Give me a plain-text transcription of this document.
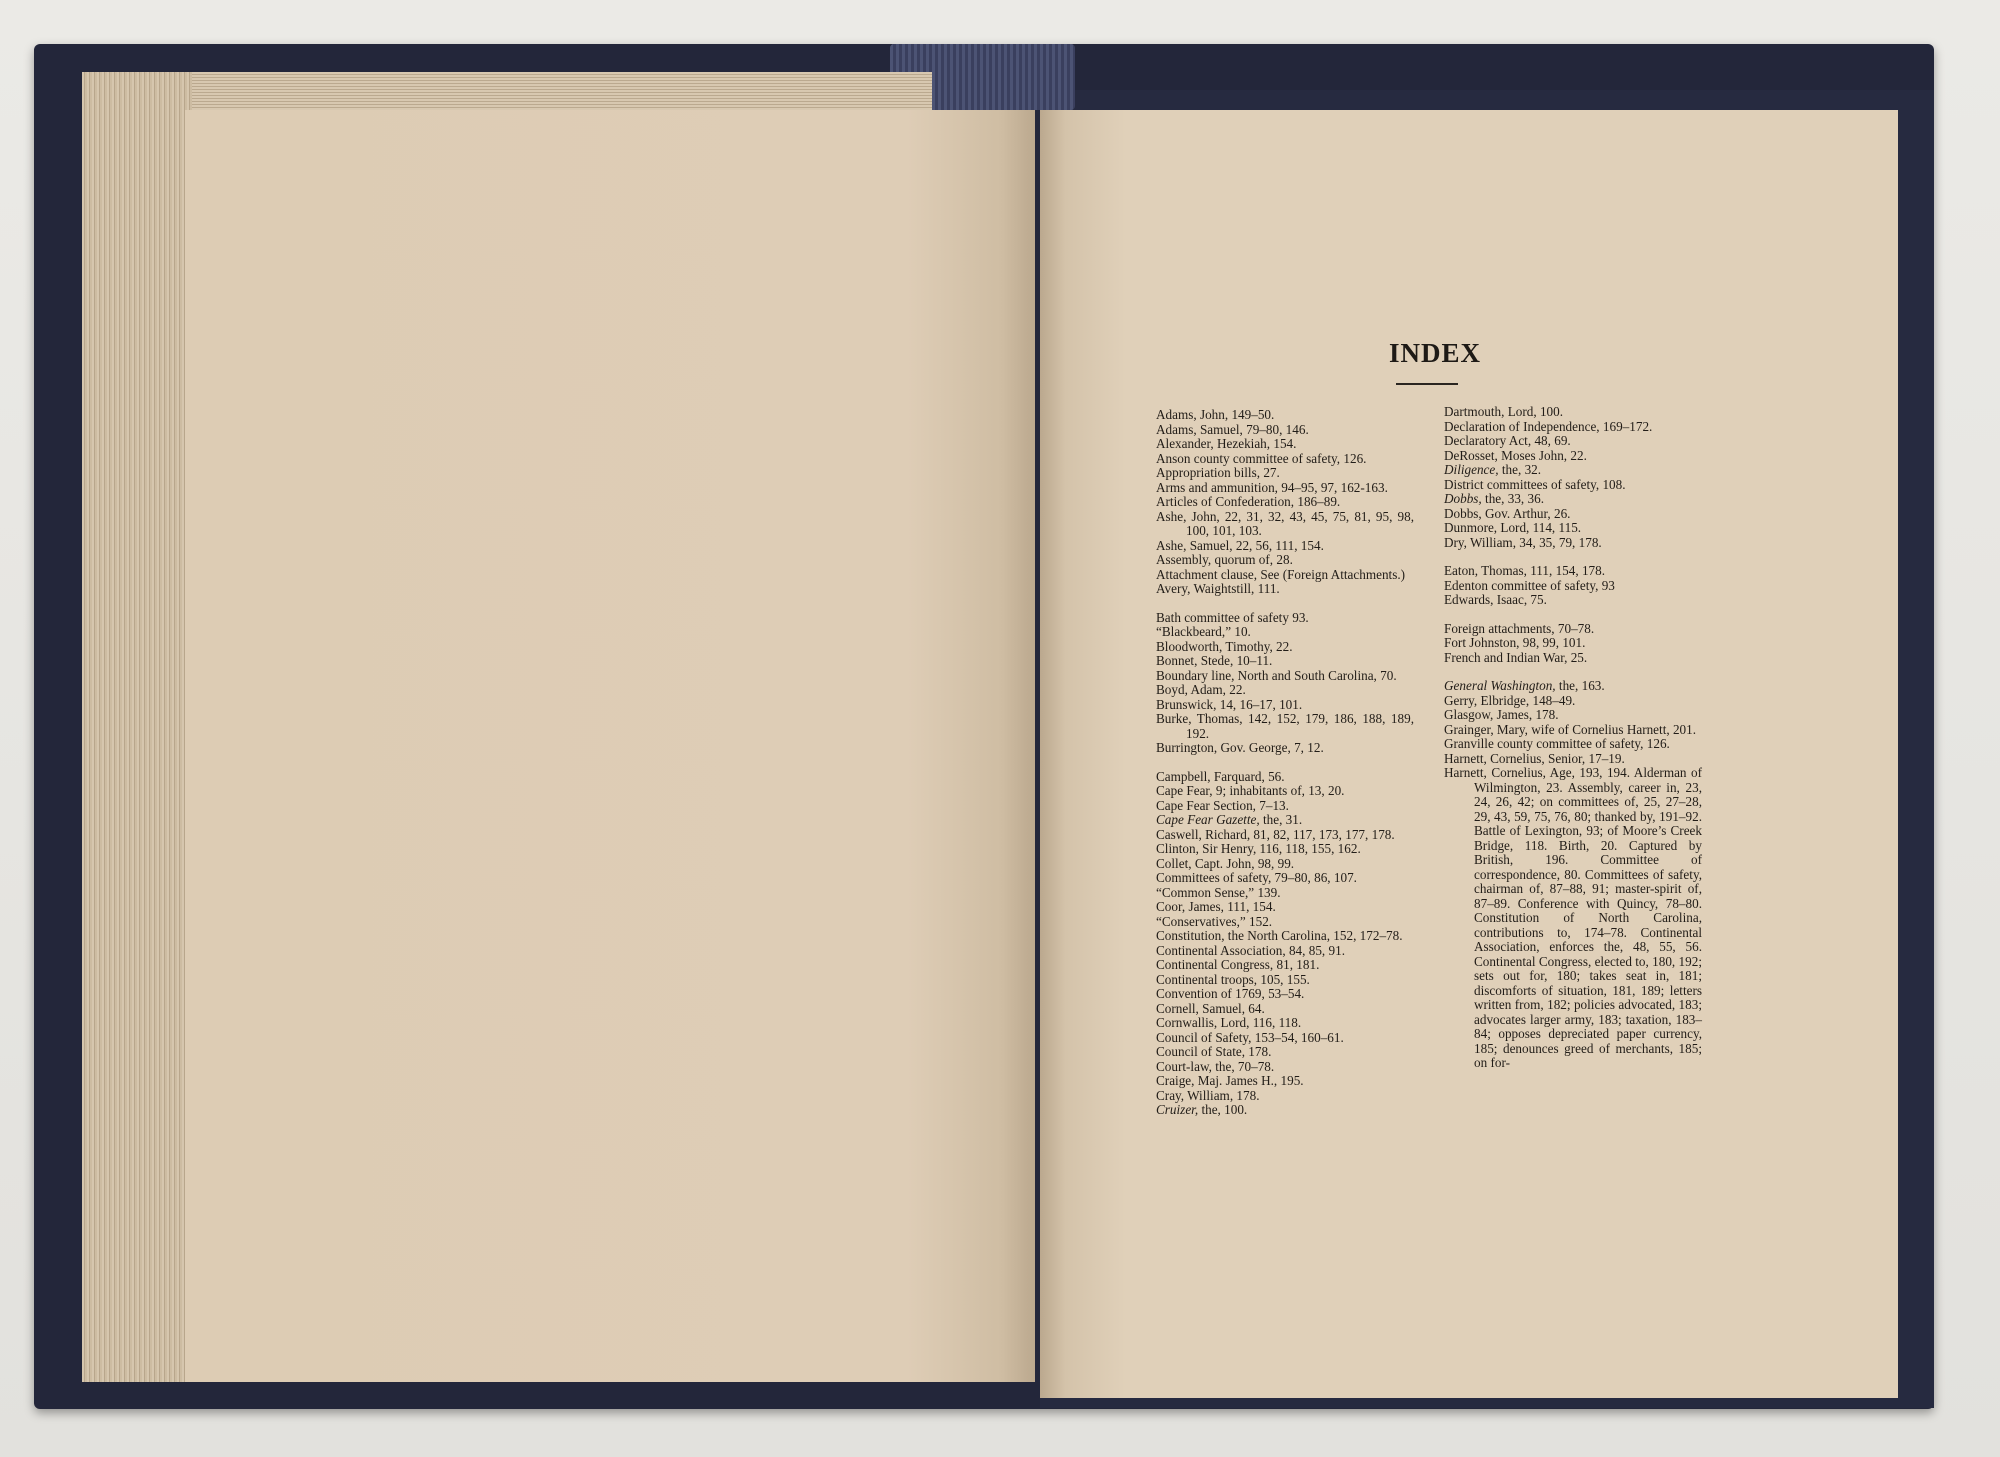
INDEX
Adams, John, 149–50.
Adams, Samuel, 79–80, 146.
Alexander, Hezekiah, 154.
Anson county committee of safety, 126.
Appropriation bills, 27.
Arms and ammunition, 94–95, 97, 162-163.
Articles of Confederation, 186–89.
Ashe, John, 22, 31, 32, 43, 45, 75, 81, 95, 98, 100, 101, 103.
Ashe, Samuel, 22, 56, 111, 154.
Assembly, quorum of, 28.
Attachment clause, See (Foreign Attachments.)
Avery, Waightstill, 111.
Bath committee of safety 93.
“Blackbeard,” 10.
Bloodworth, Timothy, 22.
Bonnet, Stede, 10–11.
Boundary line, North and South Carolina, 70.
Boyd, Adam, 22.
Brunswick, 14, 16–17, 101.
Burke, Thomas, 142, 152, 179, 186, 188, 189, 192.
Burrington, Gov. George, 7, 12.
Campbell, Farquard, 56.
Cape Fear, 9; inhabitants of, 13, 20.
Cape Fear Section, 7–13.
Cape Fear Gazette, the, 31.
Caswell, Richard, 81, 82, 117, 173, 177, 178.
Clinton, Sir Henry, 116, 118, 155, 162.
Collet, Capt. John, 98, 99.
Committees of safety, 79–80, 86, 107.
“Common Sense,” 139.
Coor, James, 111, 154.
“Conservatives,” 152.
Constitution, the North Carolina, 152, 172–78.
Continental Association, 84, 85, 91.
Continental Congress, 81, 181.
Continental troops, 105, 155.
Convention of 1769, 53–54.
Cornell, Samuel, 64.
Cornwallis, Lord, 116, 118.
Council of Safety, 153–54, 160–61.
Council of State, 178.
Court-law, the, 70–78.
Craige, Maj. James H., 195.
Cray, William, 178.
Cruizer, the, 100.
Dartmouth, Lord, 100.
Declaration of Independence, 169–172.
Declaratory Act, 48, 69.
DeRosset, Moses John, 22.
Diligence, the, 32.
District committees of safety, 108.
Dobbs, the, 33, 36.
Dobbs, Gov. Arthur, 26.
Dunmore, Lord, 114, 115.
Dry, William, 34, 35, 79, 178.
Eaton, Thomas, 111, 154, 178.
Edenton committee of safety, 93
Edwards, Isaac, 75.
Foreign attachments, 70–78.
Fort Johnston, 98, 99, 101.
French and Indian War, 25.
General Washington, the, 163.
Gerry, Elbridge, 148–49.
Glasgow, James, 178.
Grainger, Mary, wife of Cornelius Harnett, 201.
Granville county committee of safety, 126.
Harnett, Cornelius, Senior, 17–19.
Harnett, Cornelius, Age, 193, 194. Alderman of Wilmington, 23. Assembly, career in, 23, 24, 26, 42; on committees of, 25, 27–28, 29, 43, 59, 75, 76, 80; thanked by, 191–92. Battle of Lexington, 93; of Moore’s Creek Bridge, 118. Birth, 20. Captured by British, 196. Committee of correspondence, 80. Committees of safety, chairman of, 87–88, 91; master-spirit of, 87–89. Conference with Quincy, 78–80. Constitution of North Carolina, contributions to, 174–78. Continental Association, enforces the, 48, 55, 56. Continental Congress, elected to, 180, 192; sets out for, 180; takes seat in, 181; discomforts of situation, 181, 189; letters written from, 182; policies advocated, 183; advocates larger army, 183; taxation, 183–84; opposes depreciated paper currency, 185; denounces greed of merchants, 185; on for-
